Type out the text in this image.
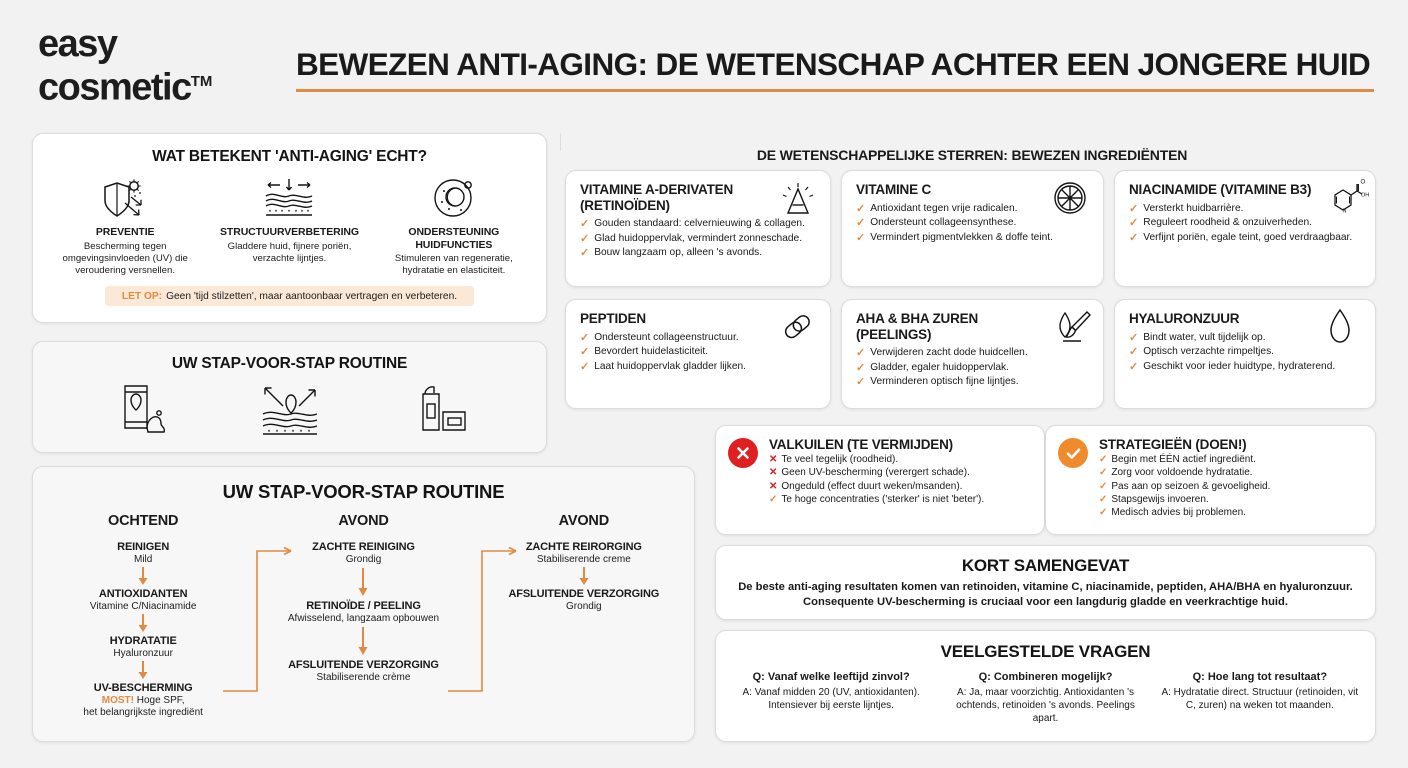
easy
cosmetic™	BEWEZEN ANTI-AGING: DE WETENSCHAP ACHTER EEN JONGERE HUID
WAT BETEKENT 'ANTI-AGING' ECHT?
PREVENTIE
Bescherming tegen omgevingsinvloeden (UV) die veroudering versnellen.
STRUCTUURVERBETERING
Gladdere huid, fijnere poriën, verzachte lijntjes.
ONDERSTEUNING HUIDFUNCTIES
Stimuleren van regeneratie, hydratatie en elasticiteit.
LET OP: Geen 'tijd stilzetten', maar aantoonbaar vertragen en verbeteren.
UW STAP-VOOR-STAP ROUTINE
UW STAP-VOOR-STAP ROUTINE
OCHTEND
REINIGEN
Mild
ANTIOXIDANTEN
Vitamine C/Niacinamide
HYDRATATIE
Hyaluronzuur
UV-BESCHERMING
MOST! Hoge SPF,
het belangrijkste ingrediënt
AVOND
ZACHTE REINIGING
Grondig
RETINOÏDE / PEELING
Afwisselend, langzaam opbouwen
AFSLUITENDE VERZORGING
Stabiliserende crème
AVOND
ZACHTE REIRORGING
Stabiliserende creme
AFSLUITENDE VERZORGING
Grondig
DE WETENSCHAPPELIJKE STERREN: BEWEZEN INGREDIËNTEN
VITAMINE A-DERIVATEN (RETINOÏDEN)
✓ Gouden standaard: celvernieuwing & collagen.
✓ Glad huidoppervlak, vermindert zonneschade.
✓ Bouw langzaam op, alleen 's avonds.
VITAMINE C
✓ Antioxidant tegen vrije radicalen.
✓ Ondersteunt collageensynthese.
✓ Vermindert pigmentvlekken & doffe teint.
NIACINAMIDE (VITAMINE B3)	O
N
OH
✓ Versterkt huidbarrière.
✓ Reguleert roodheid & onzuiverheden.
✓ Verfijnt poriën, egale teint, goed verdraagbaar.
PEPTIDEN
✓ Ondersteunt collageenstructuur.
✓ Bevordert huidelasticiteit.
✓ Laat huidoppervlak gladder lijken.
AHA & BHA ZUREN (PEELINGS)
✓ Verwijderen zacht dode huidcellen.
✓ Gladder, egaler huidoppervlak.
✓ Verminderen optisch fijne lijntjes.
HYALURONZUUR
✓ Bindt water, vult tijdelijk op.
✓ Optisch verzachte rimpeltjes.
✓ Geschikt voor ieder huidtype, hydraterend.
VALKUILEN (TE VERMIJDEN)
✕ Te veel tegelijk (roodheid).
✕ Geen UV-bescherming (verergert schade).
✕ Ongeduld (effect duurt weken/msanden).
✓ Te hoge concentraties ('sterker' is niet 'beter').
STRATEGIEËN (DOEN!)
✓ Begin met ÉÉN actief ingrediënt.
✓ Zorg voor voldoende hydratatie.
✓ Pas aan op seizoen & gevoeligheid.
✓ Stapsgewijs invoeren.
✓ Medisch advies bij problemen.
KORT SAMENGEVAT
De beste anti-aging resultaten komen van retinoiden, vitamine C, niacinamide, peptiden, AHA/BHA en hyaluronzuur. Consequente UV-bescherming is cruciaal voor een langdurig gladde en veerkrachtige huid.
VEELGESTELDE VRAGEN
Q: Vanaf welke leeftijd zinvol?
A: Vanaf midden 20 (UV, antioxidanten). Intensiever bij eerste lijntjes.
Q: Combineren mogelijk?
A: Ja, maar voorzichtig. Antioxidanten 's ochtends, retinoiden 's avonds. Peelings apart.
Q: Hoe lang tot resultaat?
A: Hydratatie direct. Structuur (retinoiden, vit C, zuren) na weken tot maanden.
